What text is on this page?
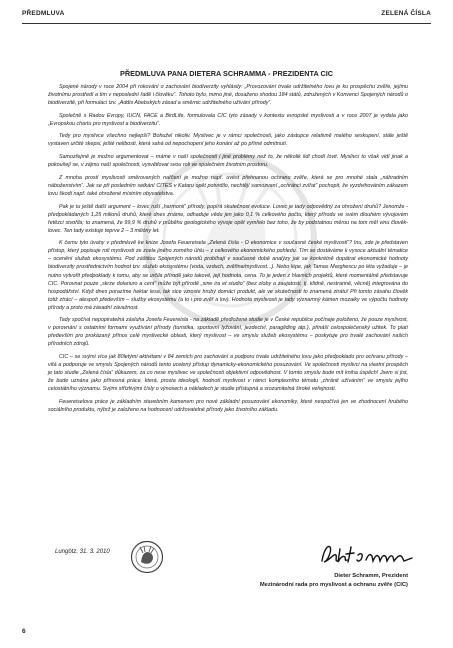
PŘEDMLUVA	ZELENÁ ČÍSLA
PŘEDMLUVA PANA DIETERA SCHRAMMA - PREZIDENTA CIC

Spojené národy v roce 2004 při rokování o zachování biodiverzity vyhlásily: „Provozování trvale udržitelného lovu je ku prospěchu zvěře, jejímu životnímu prostředí a tím v neposlední řadě i člověku“. Tohoto bylo, mimo jiné, dosaženo shodou 184 států, združených v Konvenci Spojených národů o biodiverzitě, při formulaci tzv. „Addis Abebských zásad a směrnic udržitelného užívání přírody“.

Společně s Radou Evropy, IUCN, FACE a BirdLife, formulovala CIC tyto zásady v kontextu evropské myslivosti a v roce 2007 je vydala jako „Evropskou chartu pro myslivost a biodiverzitu“.

Tedy pro myslivce všechno nejlepší? Bohužel nikoliv. Myslivec je v rámci společnosti, jako zástupce relativně malého seskupení, stále ještě vystaven určité skepsi, ješté nelibosti, která sahá od nepochopení jeho konání až po přímé odmítnutí.

Samozřejmě je možno argumentovat – máme v naší společnosti i jiné problémy než to, že několik lidí chodí lovit. Myslivci to však vidí jinak a pokoušejí se, v zájmu naší společnosti, vysvětlovat svou roli ve společném životním prostoru.

Z mnoha prostí myslivosti směrovaných nařčení je možno např. uvést přehnanou ochranu zvěře, která se pro mnohé stala „náhradním náboženstvím“. Jak se při posledním setkání CITES v Kataru opět potvrdilo, nechtějí samozvaní „ochránci zvířat“ pochopit, že vyzdvihováním zákazem lovu škodí např. také ohrožené místním obyvatelstva.

Pak je tu ještě další argument – lovec ruší „harmonii“ přírody, popírá skutečnost evoluce. Lovec je tady odpovědný za ohrožení druhů? Jenomže - předpokládaných 1,25 milionů druhů, které dnes známe, odhaduje vědu jen jako 0,1 % celkového počtu, který přírodu ve svém dlouhém vývojovém řetězci stvořila; to znamená, že 99,9 % druhů v průběhu geologického vývoje opět vymřelo bez toho, že by podstatnou měrou na tom měl vinu člověk-lovec. Ten tady existuje teprve 2 – 3 milióny let.

K čemu tyto úvahy v předmluvě ke knize Josefa Feuereisela „Zelená čísla - O ekonomice v současné české myslivosti“? Inu, zde je představen přístup, který popisuje roli myslivosti ze zcela jiného zorného úhlu – z celkového ekonomického pohledu. Tím se dostáváme k vysoce aktuální tématice – ocenění služeb ekosystému. Pod záštitou Spojených národů probíhají v současné době analýzy jak se konkrétně dopátrat ekonomické hodnoty biodiverzity prostřednictvím hodnot tzv. služeb ekosystému (voda, vzduch, zvěřina/myslivost...). Nebo lépe, jak Tamas Marghescu po léta vyžaduje – je nutno vytvořit předpoklady k tomu, aby se určila přírodě jako takové, její hodnota, cena. To je jeden z hlavních projektů, které momentálně představuje CIC. Porovnat pouze „skrze dolariuro a cent“ může být přírodě „sine ira et studio“ (bez zloby a zaujatosti, tj. klidně, nestranně, věcně) integrována do hospodářství. Když dnes porazíme hektar lesa, tak sice vzroste hrubý domácí produkt, ale ve skutečnosti to znamená ztrátu! Při tomto zásahu člověk totiž ztrácí – alespoň především – služby ekosystému (a to i pro zvěř a lov). Hodnota myslivosti je tady významný kámen mozaiky ve výpočtu hodnoty přírody a proto má zásadní závažnost.

Tady spočívá nepopiratelná zásluha Josefa Feuereisla - na základě předložené studie je v České republice počínaje položeno, že pouze myslivost, v porovnání s ostatními formami využívání přírody (turistika, sportovní lyžování, jezdectví, paragliding atp.), přináší celospolečenský užitek. To platí především pro prokázaný přínos celé myslivecké oblasti, který myslivost – ve smyslu služeb ekosystému – poskytuje pro trvalé zachování našich přírodních zdrojů.

CIC – se svými více jak 80letými aktivitami v 84 zemích pro zachování a podporu trvale udržitelného lovu jako předpokladu pro ochranu přírody – vítá a podporuje ve smyslu Spojených národů tento ucelený přístup dynamicky-ekonomického posuzování. Ve společnosti myslivci na vlastní prospěch je tato studie „Zelená čísla“ důkazem, za co nese myslivec ve společnosti objektivní odpovědnost. V tomto smyslu bude mít kniha úspěch! Jsem si jist, že bude uznána jako přínosná práce, která, prosta ideologií, hodnotí myslivost v rámci komplexního tématu „chránit užíváním“ ve smyslu jejího celostátního významu. Svými střízlivými čísly o výnosech a nákladech je studie přístupná a srozumitelná široké veřejnosti.

Feuereiselova práce je základním stavebním kamenem pro nové základní posuzování ekonomiky, které nespočívá jen ve zhodnocení hrubého sociálního produktu, nýbrž je založeno na hodnocení udržovatelné přírody jako životního základu.

Lungötz, 31. 3. 2010
Dieter Schramm, Prezident
Mezinárodní rada pro myslivost a ochranu zvěře (CIC)
6
